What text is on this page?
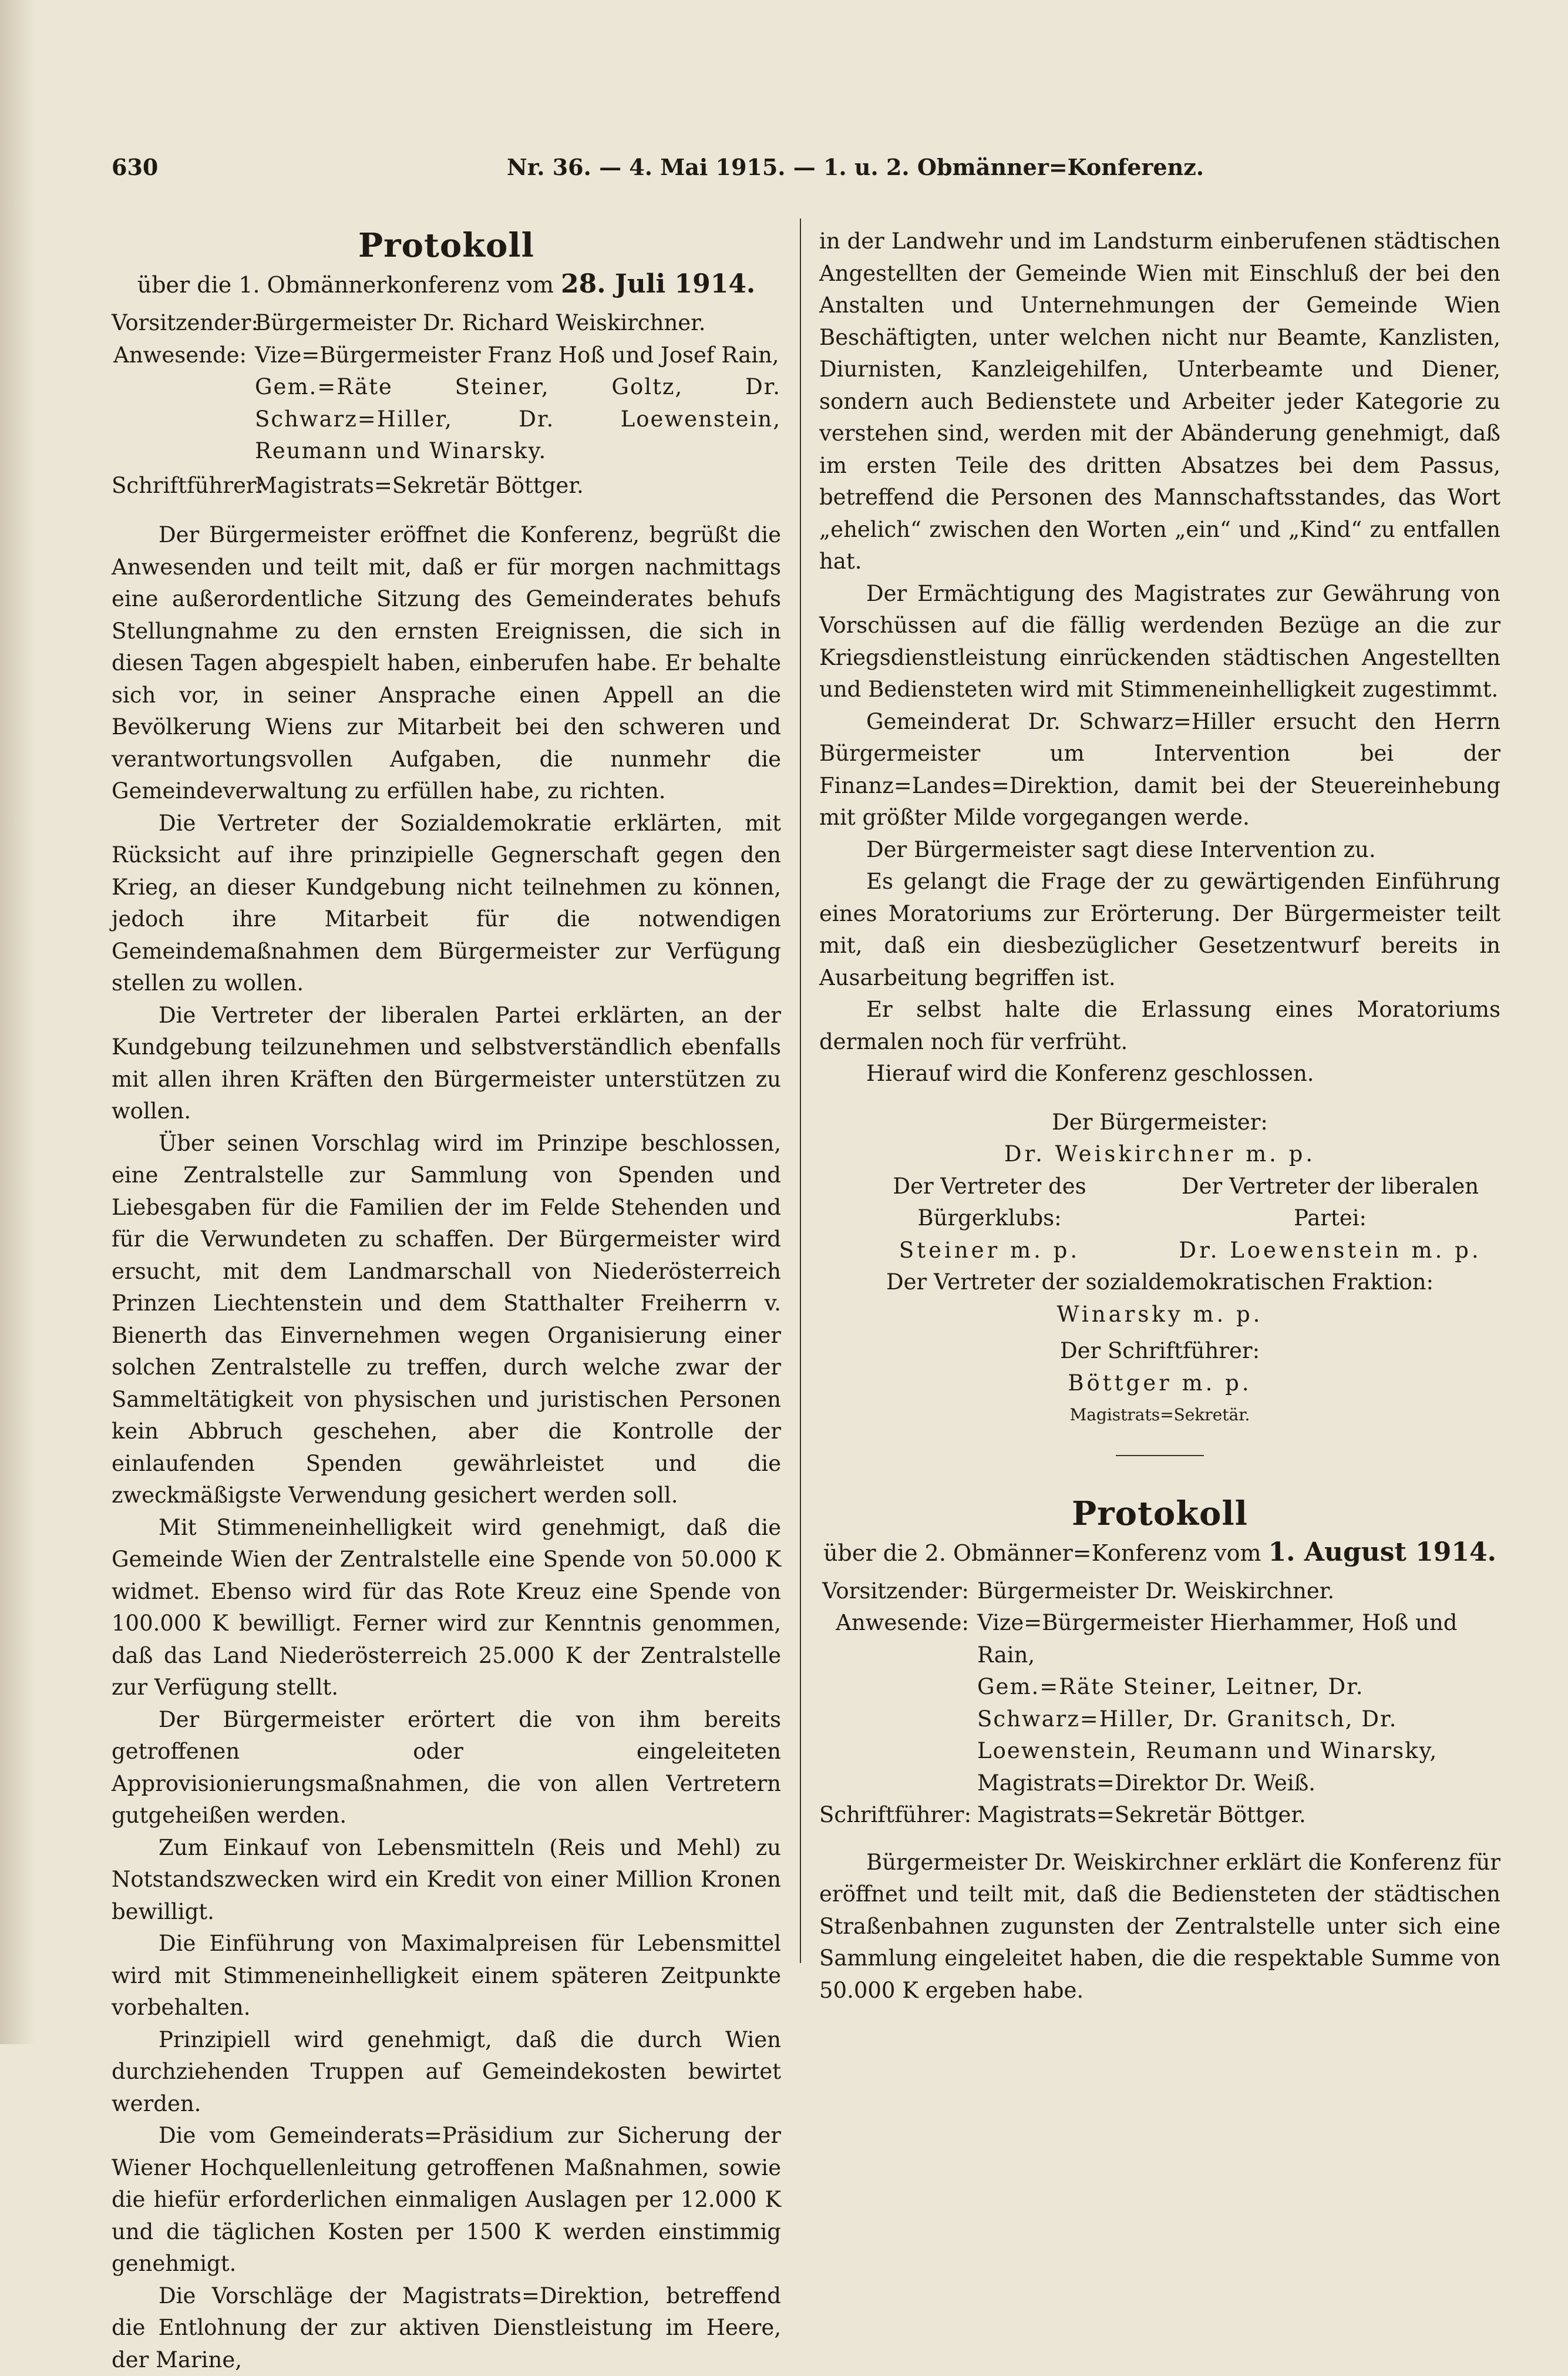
630	Nr. 36. — 4. Mai 1915. — 1. u. 2. Obmänner=Konferenz.
Protokoll

über die 1. Obmännerkonferenz vom 28. Juli 1914.

Vorsitzender:
Bürgermeister Dr. Richard Weiskirchner.
Anwesende: Vize=Bürgermeister Franz Hoß und Josef Rain,
Gem.=Räte Steiner, Goltz, Dr. Schwarz=Hiller, Dr. Loewenstein, Reumann und Winarsky.
Schriftführer:
Magistrats=Sekretär Böttger.

Der Bürgermeister eröffnet die Konferenz, begrüßt die Anwesenden und teilt mit, daß er für morgen nachmittags eine außerordentliche Sitzung des Gemeinderates behufs Stellungnahme zu den ernsten Ereignissen, die sich in diesen Tagen abgespielt haben, einberufen habe. Er behalte sich vor, in seiner Ansprache einen Appell an die Bevölkerung Wiens zur Mitarbeit bei den schweren und verantwortungsvollen Aufgaben, die nunmehr die Gemeindeverwaltung zu erfüllen habe, zu richten.

Die Vertreter der Sozialdemokratie erklärten, mit Rücksicht auf ihre prinzipielle Gegnerschaft gegen den Krieg, an dieser Kundgebung nicht teilnehmen zu können, jedoch ihre Mitarbeit für die notwendigen Gemeindemaßnahmen dem Bürgermeister zur Verfügung stellen zu wollen.

Die Vertreter der liberalen Partei erklärten, an der Kundgebung teilzunehmen und selbstverständlich ebenfalls mit allen ihren Kräften den Bürgermeister unterstützen zu wollen.

Über seinen Vorschlag wird im Prinzipe beschlossen, eine Zentralstelle zur Sammlung von Spenden und Liebesgaben für die Familien der im Felde Stehenden und für die Verwundeten zu schaffen. Der Bürgermeister wird ersucht, mit dem Landmarschall von Niederösterreich Prinzen Liechtenstein und dem Statthalter Freiherrn v. Bienerth das Einvernehmen wegen Organisierung einer solchen Zentralstelle zu treffen, durch welche zwar der Sammeltätigkeit von physischen und juristischen Personen kein Abbruch geschehen, aber die Kontrolle der einlaufenden Spenden gewährleistet und die zweckmäßigste Verwendung gesichert werden soll.

Mit Stimmeneinhelligkeit wird genehmigt, daß die Gemeinde Wien der Zentralstelle eine Spende von 50.000 K widmet. Ebenso wird für das Rote Kreuz eine Spende von 100.000 K bewilligt. Ferner wird zur Kenntnis genommen, daß das Land Niederösterreich 25.000 K der Zentralstelle zur Verfügung stellt.

Der Bürgermeister erörtert die von ihm bereits getroffenen oder eingeleiteten Approvisionierungsmaßnahmen, die von allen Vertretern gutgeheißen werden.

Zum Einkauf von Lebensmitteln (Reis und Mehl) zu Notstandszwecken wird ein Kredit von einer Million Kronen bewilligt.

Die Einführung von Maximalpreisen für Lebensmittel wird mit Stimmeneinhelligkeit einem späteren Zeitpunkte vorbehalten.

Prinzipiell wird genehmigt, daß die durch Wien durchziehenden Truppen auf Gemeindekosten bewirtet werden.

Die vom Gemeinderats=Präsidium zur Sicherung der Wiener Hochquellenleitung getroffenen Maßnahmen, sowie die hiefür erforderlichen einmaligen Auslagen per 12.000 K und die täglichen Kosten per 1500 K werden einstimmig genehmigt.

Die Vorschläge der Magistrats=Direktion, betreffend die Entlohnung der zur aktiven Dienstleistung im Heere, der Marine,

in der Landwehr und im Landsturm einberufenen städtischen Angestellten der Gemeinde Wien mit Einschluß der bei den Anstalten und Unternehmungen der Gemeinde Wien Beschäftigten, unter welchen nicht nur Beamte, Kanzlisten, Diurnisten, Kanzleigehilfen, Unterbeamte und Diener, sondern auch Bedienstete und Arbeiter jeder Kategorie zu verstehen sind, werden mit der Abänderung genehmigt, daß im ersten Teile des dritten Absatzes bei dem Passus, betreffend die Personen des Mannschaftsstandes, das Wort „ehelich“ zwischen den Worten „ein“ und „Kind“ zu entfallen hat.

Der Ermächtigung des Magistrates zur Gewährung von Vorschüssen auf die fällig werdenden Bezüge an die zur Kriegsdienstleistung einrückenden städtischen Angestellten und Bediensteten wird mit Stimmeneinhelligkeit zugestimmt.

Gemeinderat Dr. Schwarz=Hiller ersucht den Herrn Bürgermeister um Intervention bei der Finanz=Landes=Direktion, damit bei der Steuereinhebung mit größter Milde vorgegangen werde.

Der Bürgermeister sagt diese Intervention zu.

Es gelangt die Frage der zu gewärtigenden Einführung eines Moratoriums zur Erörterung. Der Bürgermeister teilt mit, daß ein diesbezüglicher Gesetzentwurf bereits in Ausarbeitung begriffen ist.

Er selbst halte die Erlassung eines Moratoriums dermalen noch für verfrüht.

Hierauf wird die Konferenz geschlossen.

Der Bürgermeister:

Dr. Weiskirchner m. p.

Der Vertreter des Bürgerklubs:

Steiner m. p.

Der Vertreter der liberalen Partei:

Dr. Loewenstein m. p.

Der Vertreter der sozialdemokratischen Fraktion:

Winarsky m. p.

Der Schriftführer:

Böttger m. p.

Magistrats=Sekretär.

Protokoll

über die 2. Obmänner=Konferenz vom 1. August 1914.

Vorsitzender: Bürgermeister Dr. Weiskirchner.
Anwesende: Vize=Bürgermeister Hierhammer, Hoß und Rain,
Gem.=Räte Steiner, Leitner, Dr. Schwarz=Hiller, Dr. Granitsch, Dr. Loewenstein, Reumann und Winarsky,
Magistrats=Direktor Dr. Weiß.
Schriftführer: Magistrats=Sekretär Böttger.

Bürgermeister Dr. Weiskirchner erklärt die Konferenz für eröffnet und teilt mit, daß die Bediensteten der städtischen Straßenbahnen zugunsten der Zentralstelle unter sich eine Sammlung eingeleitet haben, die die respektable Summe von 50.000 K ergeben habe.
